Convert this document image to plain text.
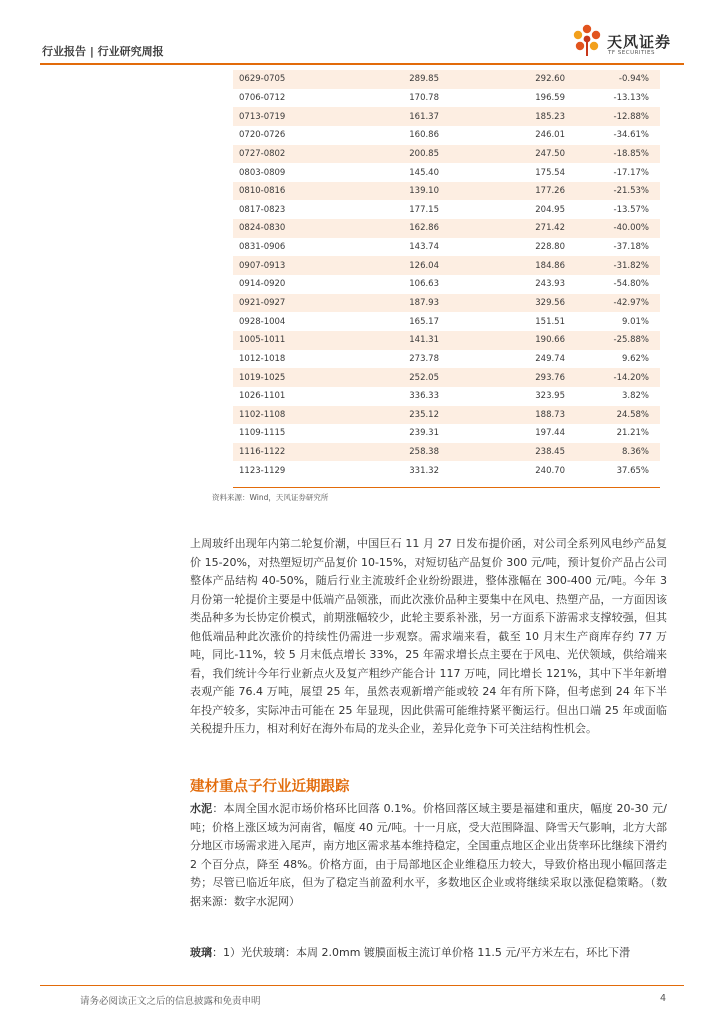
行业报告 | 行业研究周报
天风证券
TF SECURITIES
0629-0705	289.85	292.60	-0.94%
0706-0712	170.78	196.59	-13.13%
0713-0719	161.37	185.23	-12.88%
0720-0726	160.86	246.01	-34.61%
0727-0802	200.85	247.50	-18.85%
0803-0809	145.40	175.54	-17.17%
0810-0816	139.10	177.26	-21.53%
0817-0823	177.15	204.95	-13.57%
0824-0830	162.86	271.42	-40.00%
0831-0906	143.74	228.80	-37.18%
0907-0913	126.04	184.86	-31.82%
0914-0920	106.63	243.93	-54.80%
0921-0927	187.93	329.56	-42.97%
0928-1004	165.17	151.51	9.01%
1005-1011	141.31	190.66	-25.88%
1012-1018	273.78	249.74	9.62%
1019-1025	252.05	293.76	-14.20%
1026-1101	336.33	323.95	3.82%
1102-1108	235.12	188.73	24.58%
1109-1115	239.31	197.44	21.21%
1116-1122	258.38	238.45	8.36%
1123-1129	331.32	240.70	37.65%
资料来源：Wind，天风证券研究所

上周玻纤出现年内第二轮复价潮，中国巨石 11 月 27 日发布提价函，对公司全系列风电纱产品复价 15-20%，对热塑短切产品复价 10-15%，对短切毡产品复价 300 元/吨，预计复价产品占公司整体产品结构 40-50%，随后行业主流玻纤企业纷纷跟进，整体涨幅在 300-400 元/吨。今年 3 月份第一轮提价主要是中低端产品领涨，而此次涨价品种主要集中在风电、热塑产品，一方面因该类品种多为长协定价模式，前期涨幅较少，此轮主要系补涨，另一方面系下游需求支撑较强，但其他低端品种此次涨价的持续性仍需进一步观察。需求端来看，截至 10 月末生产商库存约 77 万吨，同比-11%，较 5 月末低点增长 33%，25 年需求增长点主要在于风电、光伏领域，供给端来看，我们统计今年行业新点火及复产粗纱产能合计 117 万吨，同比增长 121%，其中下半年新增表观产能 76.4 万吨，展望 25 年，虽然表观新增产能或较 24 年有所下降，但考虑到 24 年下半年投产较多，实际冲击可能在 25 年显现，因此供需可能维持紧平衡运行。但出口端 25 年或面临关税提升压力，相对利好在海外布局的龙头企业，差异化竞争下可关注结构性机会。

建材重点子行业近期跟踪

水泥：本周全国水泥市场价格环比回落 0.1%。价格回落区域主要是福建和重庆，幅度 20-30 元/吨；价格上涨区域为河南省，幅度 40 元/吨。十一月底，受大范围降温、降雪天气影响，北方大部分地区市场需求进入尾声，南方地区需求基本维持稳定，全国重点地区企业出货率环比继续下滑约 2 个百分点，降至 48%。价格方面，由于局部地区企业维稳压力较大，导致价格出现小幅回落走势；尽管已临近年底，但为了稳定当前盈利水平，多数地区企业或将继续采取以涨促稳策略。（数据来源：数字水泥网）

玻璃：1）光伏玻璃：本周 2.0mm 镀膜面板主流订单价格 11.5 元/平方米左右，环比下滑

请务必阅读正文之后的信息披露和免责申明	4
